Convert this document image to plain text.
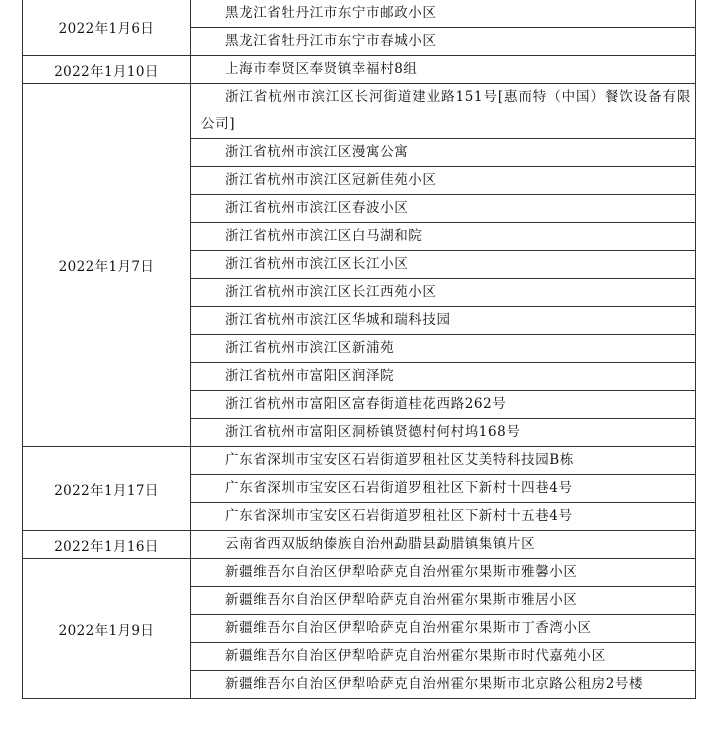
2022年1月6日	黑龙江省牡丹江市东宁市邮政小区
	黑龙江省牡丹江市东宁市春城小区
2022年1月10日	上海市奉贤区奉贤镇幸福村8组
2022年1月7日	浙江省杭州市滨江区长河街道建业路151号[惠而特（中国）餐饮设备有限公司]
	浙江省杭州市滨江区漫寓公寓
	浙江省杭州市滨江区冠新佳苑小区
	浙江省杭州市滨江区春波小区
	浙江省杭州市滨江区白马湖和院
	浙江省杭州市滨江区长江小区
	浙江省杭州市滨江区长江西苑小区
	浙江省杭州市滨江区华城和瑞科技园
	浙江省杭州市滨江区新浦苑
	浙江省杭州市富阳区润泽院
	浙江省杭州市富阳区富春街道桂花西路262号
	浙江省杭州市富阳区洞桥镇贤德村何村坞168号
2022年1月17日	广东省深圳市宝安区石岩街道罗租社区艾美特科技园B栋
	广东省深圳市宝安区石岩街道罗租社区下新村十四巷4号
	广东省深圳市宝安区石岩街道罗租社区下新村十五巷4号
2022年1月16日	云南省西双版纳傣族自治州勐腊县勐腊镇集镇片区
2022年1月9日	新疆维吾尔自治区伊犁哈萨克自治州霍尔果斯市雅馨小区
	新疆维吾尔自治区伊犁哈萨克自治州霍尔果斯市雅居小区
	新疆维吾尔自治区伊犁哈萨克自治州霍尔果斯市丁香湾小区
	新疆维吾尔自治区伊犁哈萨克自治州霍尔果斯市时代嘉苑小区
	新疆维吾尔自治区伊犁哈萨克自治州霍尔果斯市北京路公租房2号楼
